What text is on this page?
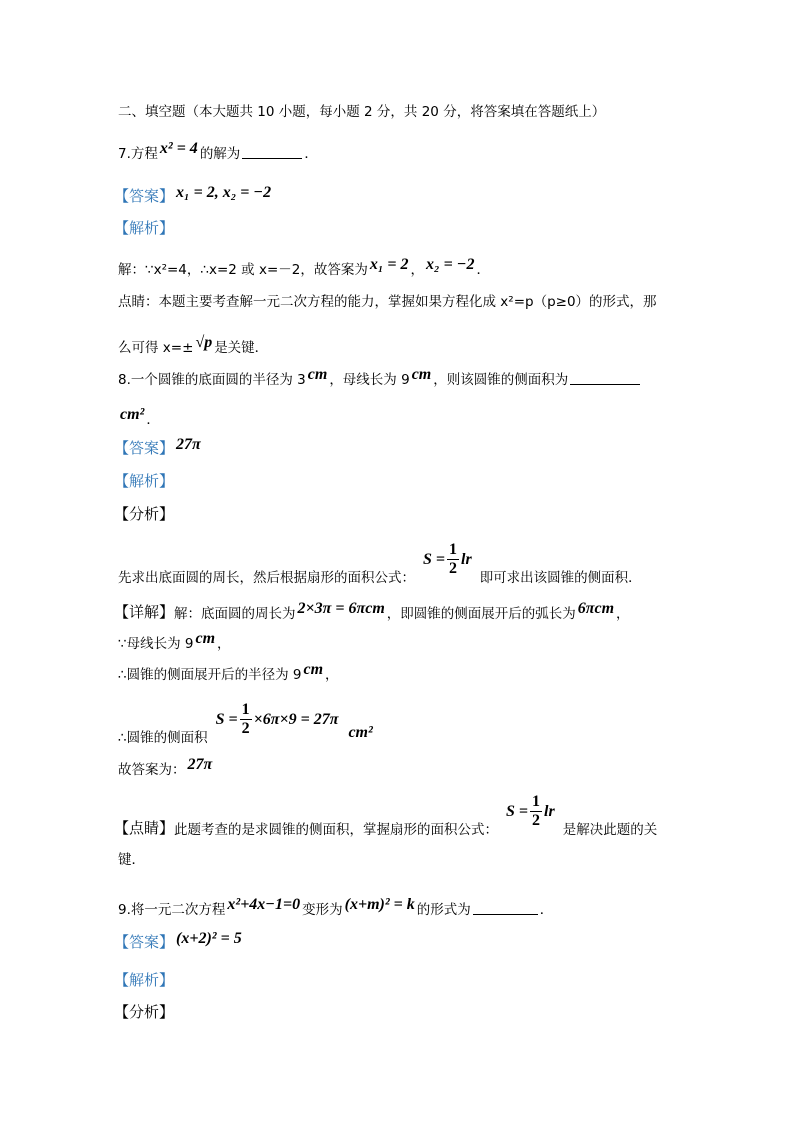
二、填空题（本大题共 10 小题，每小题 2 分，共 20 分，将答案填在答题纸上）
7.方程 x² = 4 的解为	．
【答案】 x₁ = 2, x₂ = −2
【解析】
解：∵x²=4，∴x=2 或 x=－2，故答案为 x₁ = 2 ， x₂ = −2 ．
点睛：本题主要考查解一元二次方程的能力，掌握如果方程化成 x²=p（p≥0）的形式，那
么可得 x=± √p 是关键．
8.一个圆锥的底面圆的半径为 3 cm ，母线长为 9 cm ，则该圆锥的侧面积为
cm² ．
【答案】 27π
【解析】
【分析】
先求出底面圆的周长，然后根据扇形的面积公式：
$S = \frac{1}{2}$ lr
即可求出该圆锥的侧面积．
【详解】 解：底面圆的周长为 2×3π = 6πcm ，即圆锥的侧面展开后的弧长为 6πcm ，
∵母线长为 9 cm ，
∴圆锥的侧面展开后的半径为 9 cm ，
∴圆锥的侧面积
$S = \frac{1}{2} \times 6\pi\times 9 = 27\pi$
cm²
故答案为： 27π
【点睛】 此题考查的是求圆锥的侧面积，掌握扇形的面积公式：
$S = \frac{1}{2}$ lr
是解决此题的关
键．
9.将一元二次方程 x²+4x−1=0 变形为 (x+m)² = k 的形式为	．
【答案】 (x+2)² = 5
【解析】
【分析】
